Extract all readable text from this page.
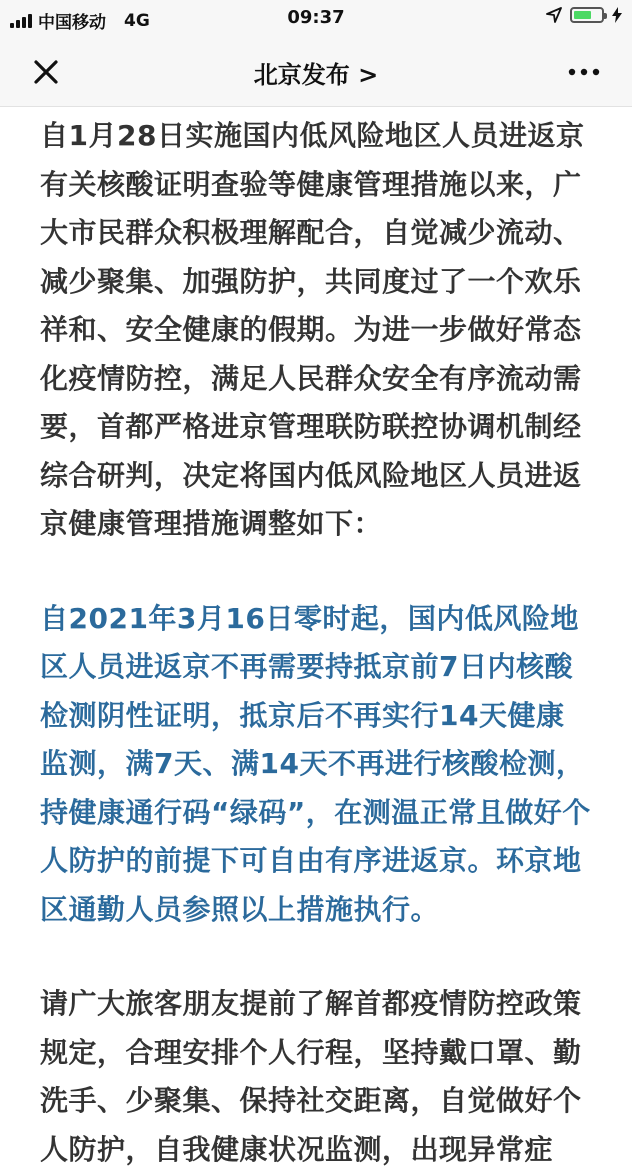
中国移动 4G	09:37
北京发布 >

自1月28日实施国内低风险地区人员进返京有关核酸证明查验等健康管理措施以来，广大市民群众积极理解配合，自觉减少流动、减少聚集、加强防护，共同度过了一个欢乐祥和、安全健康的假期。为进一步做好常态化疫情防控，满足人民群众安全有序流动需要，首都严格进京管理联防联控协调机制经综合研判，决定将国内低风险地区人员进返京健康管理措施调整如下：

自2021年3月16日零时起，国内低风险地区人员进返京不再需要持抵京前7日内核酸检测阴性证明，抵京后不再实行14天健康监测，满7天、满14天不再进行核酸检测，持健康通行码“绿码”，在测温正常且做好个人防护的前提下可自由有序进返京。环京地区通勤人员参照以上措施执行。

请广大旅客朋友提前了解首都疫情防控政策规定，合理安排个人行程，坚持戴口罩、勤洗手、少聚集、保持社交距离，自觉做好个人防护，自我健康状况监测，出现异常症
